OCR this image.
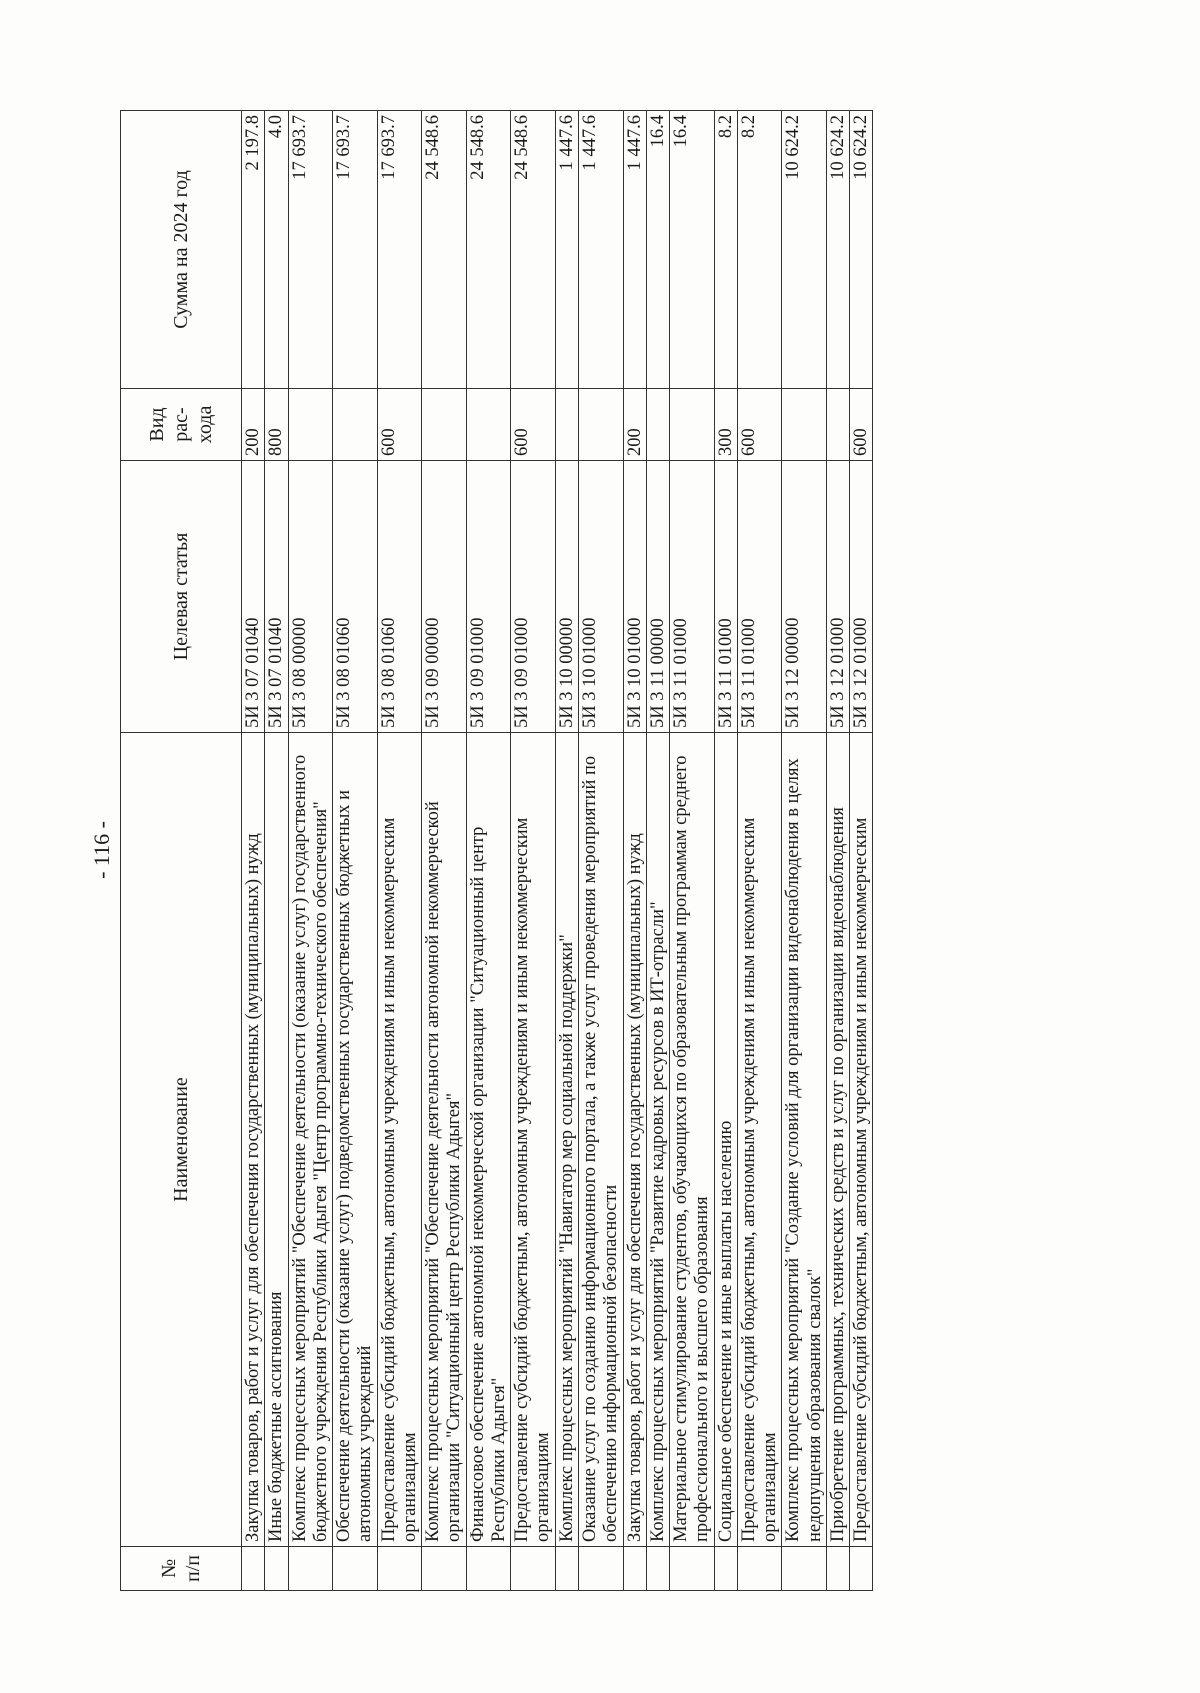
- 116 -
№ п/п	Наименование	Целевая статья	Вид рас- хода	Сумма на 2024 год
	Закупка товаров, работ и услуг для обеспечения государственных (муниципальных) нужд	5И 3 07 01040	200	2 197.8
	Иные бюджетные ассигнования	5И 3 07 01040	800	4.0
	Комплекс процессных мероприятий "Обеспечение деятельности (оказание услуг) государственного бюджетного учреждения Республики Адыгея "Центр программно-технического обеспечения"	5И 3 08 00000		17 693.7
	Обеспечение деятельности (оказание услуг) подведомственных государственных бюджетных и автономных учреждений	5И 3 08 01060		17 693.7
	Предоставление субсидий бюджетным, автономным учреждениям и иным некоммерческим организациям	5И 3 08 01060	600	17 693.7
	Комплекс процессных мероприятий "Обеспечение деятельности автономной некоммерческой организации "Ситуационный центр Республики Адыгея"	5И 3 09 00000		24 548.6
	Финансовое обеспечение автономной некоммерческой организации "Ситуационный центр Республики Адыгея"	5И 3 09 01000		24 548.6
	Предоставление субсидий бюджетным, автономным учреждениям и иным некоммерческим организациям	5И 3 09 01000	600	24 548.6
	Комплекс процессных мероприятий "Навигатор мер социальной поддержки"	5И 3 10 00000		1 447.6
	Оказание услуг по созданию информационного портала, а также услуг проведения мероприятий по обеспечению информационной безопасности	5И 3 10 01000		1 447.6
	Закупка товаров, работ и услуг для обеспечения государственных (муниципальных) нужд	5И 3 10 01000	200	1 447.6
	Комплекс процессных мероприятий "Развитие кадровых ресурсов в ИТ-отрасли"	5И 3 11 00000		16.4
	Материальное стимулирование студентов, обучающихся по образовательным программам среднего профессионального и высшего образования	5И 3 11 01000		16.4
	Социальное обеспечение и иные выплаты населению	5И 3 11 01000	300	8.2
	Предоставление субсидий бюджетным, автономным учреждениям и иным некоммерческим организациям	5И 3 11 01000	600	8.2
	Комплекс процессных мероприятий "Создание условий для организации видеонаблюдения в целях недопущения образования свалок"	5И 3 12 00000		10 624.2
	Приобретение программных, технических средств и услуг по организации видеонаблюдения	5И 3 12 01000		10 624.2
	Предоставление субсидий бюджетным, автономным учреждениям и иным некоммерческим	5И 3 12 01000	600	10 624.2
